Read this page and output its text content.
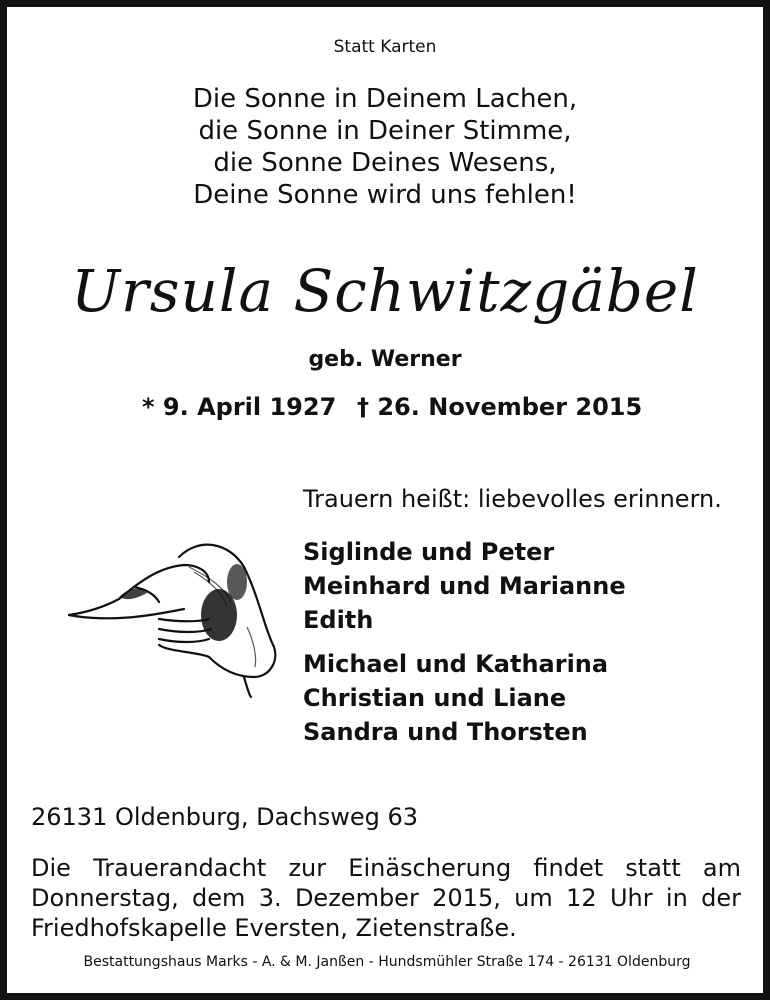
Statt Karten
Die Sonne in Deinem Lachen,
die Sonne in Deiner Stimme,
die Sonne Deines Wesens,
Deine Sonne wird uns fehlen!
Ursula Schwitzgäbel
geb. Werner
* 9. April 1927 † 26. November 2015
Trauern heißt: liebevolles erinnern.
Siglinde und Peter
Meinhard und Marianne
Edith
Michael und Katharina
Christian und Liane
Sandra und Thorsten
26131 Oldenburg, Dachsweg 63
Die Trauerandacht zur Einäscherung findet statt am Donnerstag, dem 3. Dezember 2015, um 12 Uhr in der Friedhofskapelle Eversten, Zietenstraße.
Bestattungshaus Marks - A. & M. Janßen - Hundsmühler Straße 174 - 26131 Oldenburg
